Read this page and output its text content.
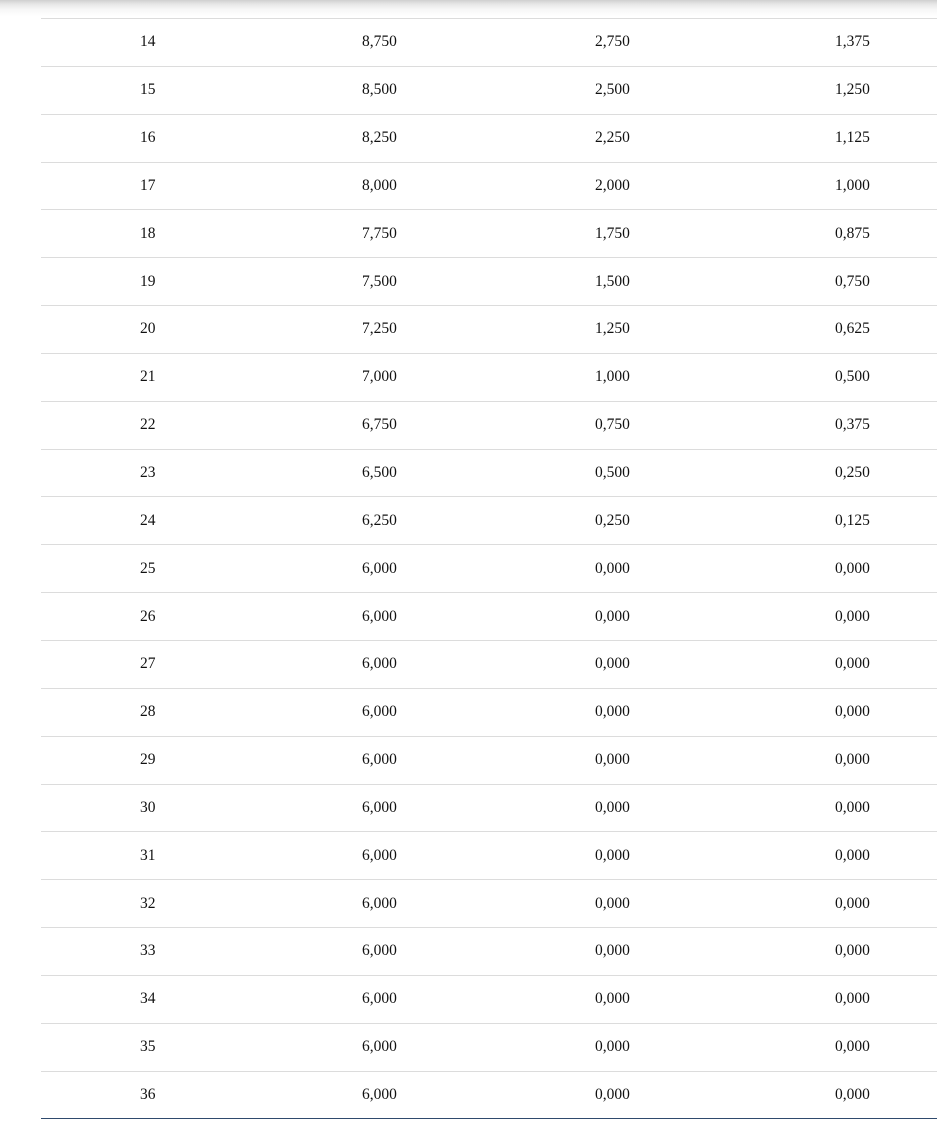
14	8,750	2,750	1,375
15	8,500	2,500	1,250
16	8,250	2,250	1,125
17	8,000	2,000	1,000
18	7,750	1,750	0,875
19	7,500	1,500	0,750
20	7,250	1,250	0,625
21	7,000	1,000	0,500
22	6,750	0,750	0,375
23	6,500	0,500	0,250
24	6,250	0,250	0,125
25	6,000	0,000	0,000
26	6,000	0,000	0,000
27	6,000	0,000	0,000
28	6,000	0,000	0,000
29	6,000	0,000	0,000
30	6,000	0,000	0,000
31	6,000	0,000	0,000
32	6,000	0,000	0,000
33	6,000	0,000	0,000
34	6,000	0,000	0,000
35	6,000	0,000	0,000
36	6,000	0,000	0,000
